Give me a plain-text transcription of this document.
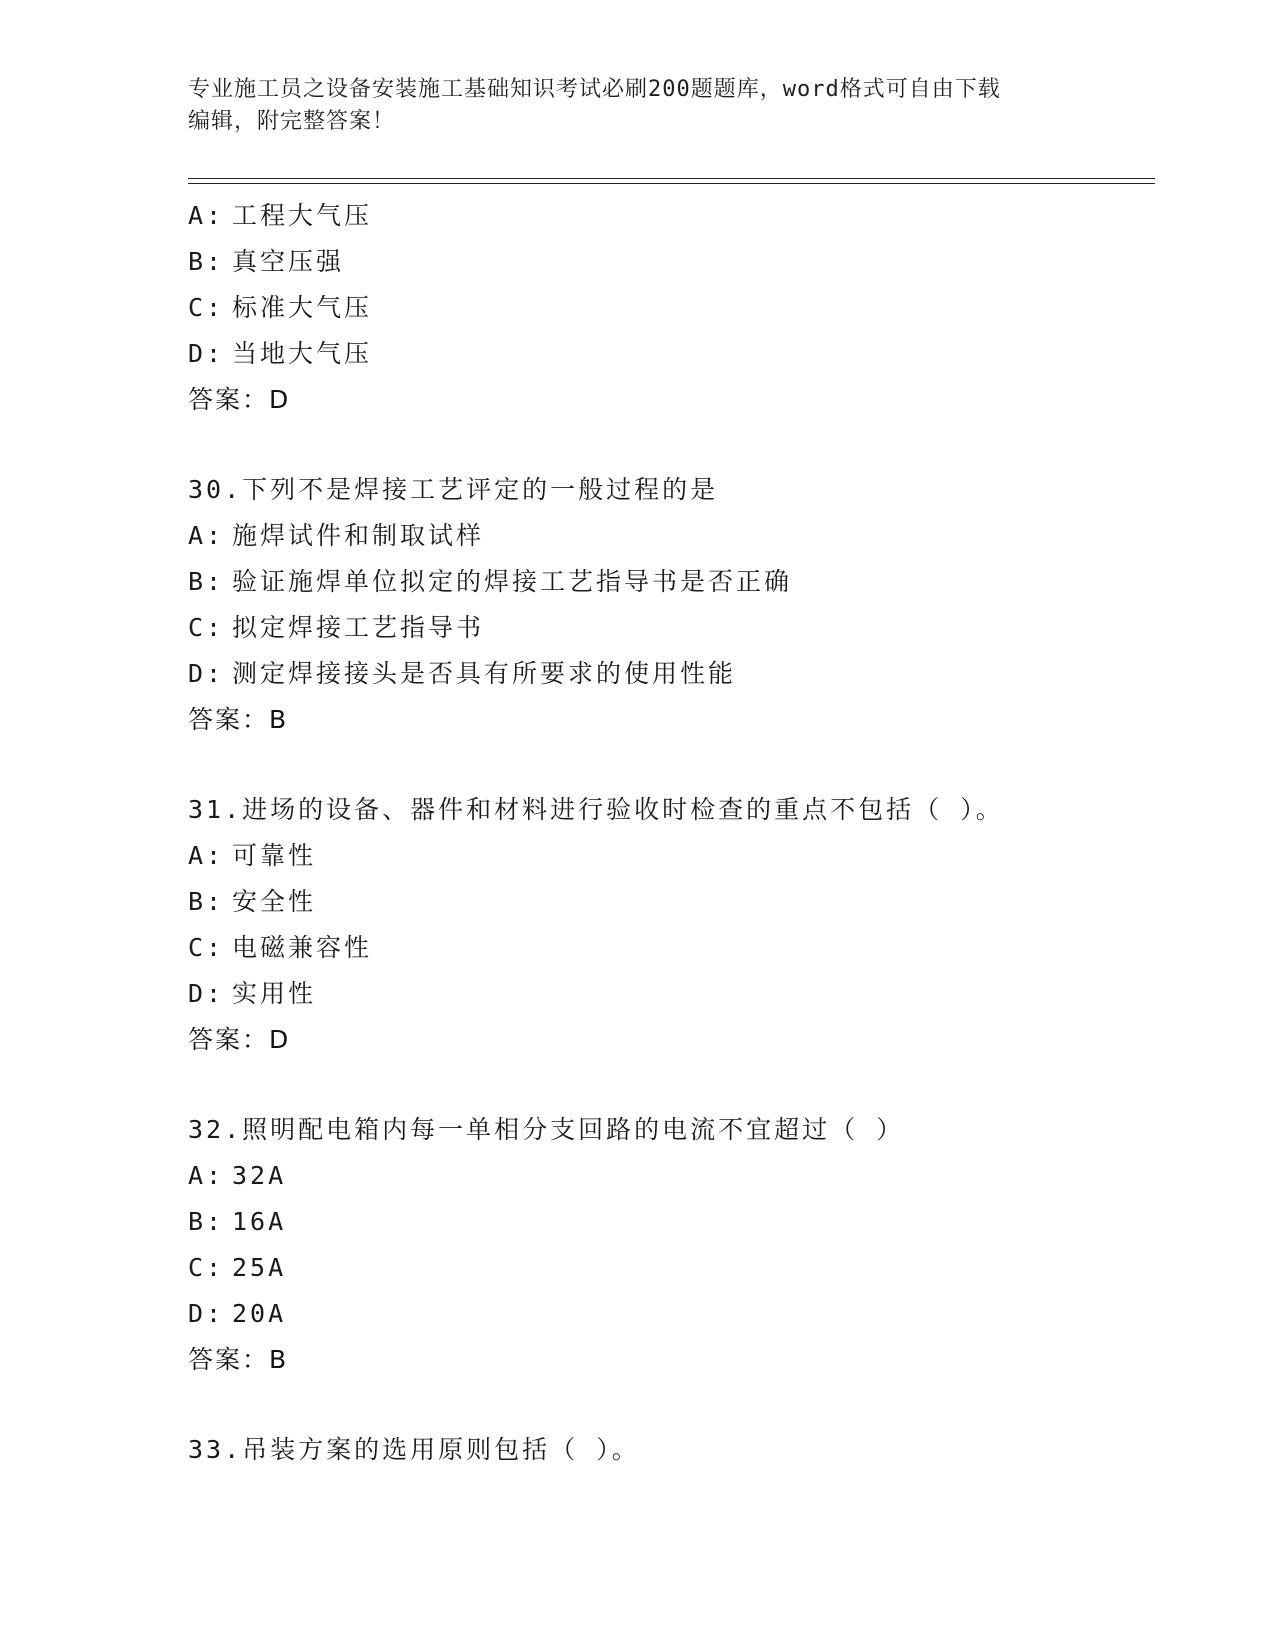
专业施工员之设备安装施工基础知识考试必刷200题题库，word格式可自由下载
编辑，附完整答案！
A: 工程大气压
B: 真空压强
C: 标准大气压
D: 当地大气压
答案：D
30.下列不是焊接工艺评定的一般过程的是
A: 施焊试件和制取试样
B: 验证施焊单位拟定的焊接工艺指导书是否正确
C: 拟定焊接工艺指导书
D: 测定焊接接头是否具有所要求的使用性能
答案：B
31.进场的设备、器件和材料进行验收时检查的重点不包括（ ）。
A: 可靠性
B: 安全性
C: 电磁兼容性
D: 实用性
答案：D
32.照明配电箱内每一单相分支回路的电流不宜超过（ ）
A: 32A
B: 16A
C: 25A
D: 20A
答案：B
33.吊装方案的选用原则包括（ ）。
